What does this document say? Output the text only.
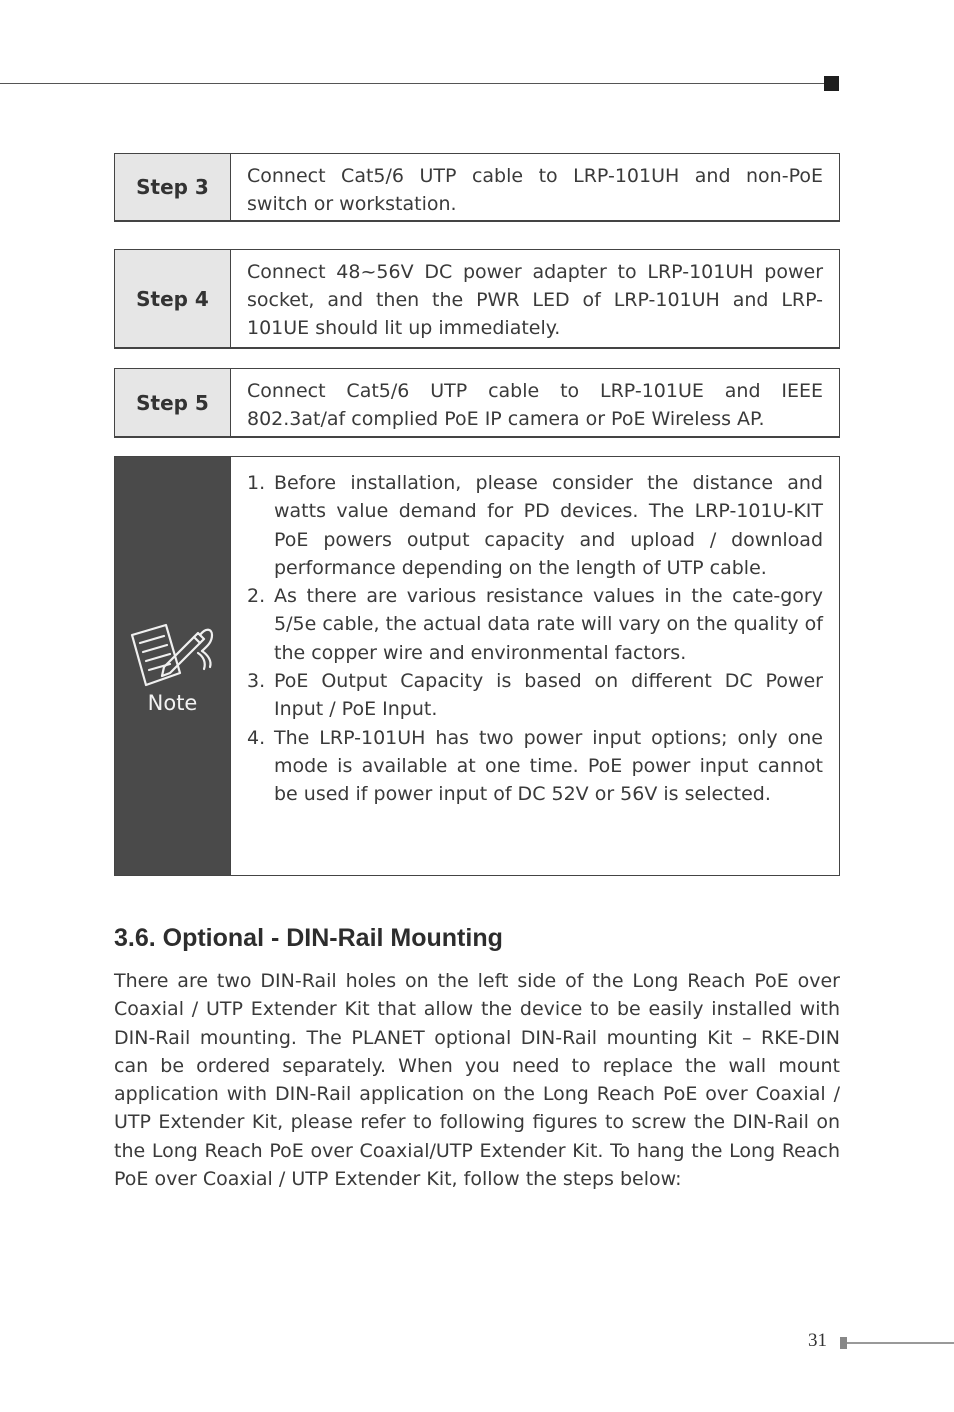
Step 3	Connect Cat5/6 UTP cable to LRP-101UH and non-PoE switch or workstation.
Step 4
Connect 48~56V DC power adapter to LRP-101UH power socket, and then the PWR LED of LRP-101UH and LRP-101UE should lit up immediately.
Step 5	Connect Cat5/6 UTP cable to LRP-101UE and IEEE 802.3at/af complied PoE IP camera or PoE Wireless AP.
Note
1. Before installation, please consider the distance and watts value demand for PD devices. The LRP-101U-KIT PoE powers output capacity and upload / download performance depending on the length of UTP cable.
2. As there are various resistance values in the cate-gory 5/5e cable, the actual data rate will vary on the quality of the copper wire and environmental factors.
3. PoE Output Capacity is based on different DC Power Input / PoE Input.
4. The LRP-101UH has two power input options; only one mode is available at one time. PoE power input cannot be used if power input of DC 52V or 56V is selected.
3.6. Optional - DIN-Rail Mounting

There are two DIN-Rail holes on the left side of the Long Reach PoE over Coaxial / UTP Extender Kit that allow the device to be easily installed with DIN-Rail mounting. The PLANET optional DIN-Rail mounting Kit – RKE-DIN can be ordered separately. When you need to replace the wall mount application with DIN-Rail application on the Long Reach PoE over Coaxial / UTP Extender Kit, please refer to following ﬁgures to screw the DIN-Rail on the Long Reach PoE over Coaxial/UTP Extender Kit. To hang the Long Reach PoE over Coaxial / UTP Extender Kit, follow the steps below:

31
